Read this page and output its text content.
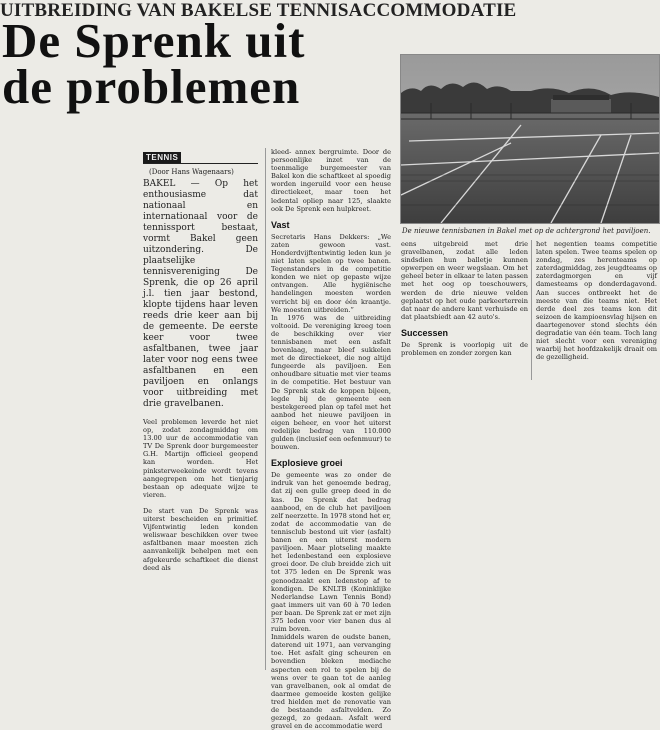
UITBREIDING VAN BAKELSE TENNISACCOMMODATIE
De Sprenk uit
de problemen
De nieuwe tennisbanen in Bakel met op de achtergrond het paviljoen.
TENNIS
(Door Hans Wagenaars)

BAKEL — Op het enthousiasme dat nationaal en internationaal voor de tennissport bestaat, vormt Bakel geen uitzondering. De plaatselijke tennisvereniging De Sprenk, die op 26 april j.l. tien jaar bestond, klopte tijdens haar leven reeds drie keer aan bij de gemeente. De eerste keer voor twee asfaltbanen, twee jaar later voor nog eens twee asfaltbanen en een paviljoen en onlangs voor uitbreiding met drie gravelbanen.

Veel problemen leverde het niet op, zodat zondagmiddag om 13.00 uur de accommodatie van TV De Sprenk door burgemeester G.H. Martijn officieel geopend kan worden. Het pinksterweekeinde wordt tevens aangegrepen om het tienjarig bestaan op adequate wijze te vieren.

De start van De Sprenk was uiterst bescheiden en primitief. Vijfentwintig leden konden weliswaar beschikken over twee asfaltbanen maar moesten zich aanvankelijk behelpen met een afgekeurde schaftkeet die dienst deed als

kleed- annex bergruimte. Door de persoonlijke inzet van de toenmalige burgemeester van Bakel kon die schaftkeet al spoedig worden ingeruild voor een heuse directiekeet, maar toen het ledental opliep naar 125, slaakte ook De Sprenk een hulpkreet.

Vast

Secretaris Hans Dekkers: „We zaten gewoon vast. Honderdvijftentwintig leden kun je niet laten spelen op twee banen. Tegenstanders in de competitie konden we niet op gepaste wijze ontvangen. Alle hygiënische handelingen moesten worden verricht bij en door één kraantje. We moesten uitbreiden.”

In 1976 was de uitbreiding voltooid. De vereniging kreeg toen de beschikking over vier tennisbanen met een asfalt bovenlaag, maar bleef sukkelen met de directiekeet, die nog altijd fungeerde als paviljoen. Een onhoudbare situatie met vier teams in de competitie. Het bestuur van De Sprenk stak de koppen bijeen, legde bij de gemeente een bestekgereed plan op tafel met het aanbod het nieuwe paviljoen in eigen beheer, en voor het uiterst redelijke bedrag van 110.000 gulden (inclusief een oefenmuur) te bouwen.

Explosieve groei

De gemeente was zo onder de indruk van het genoemde bedrag, dat zij een gulle greep deed in de kas. De Sprenk dat bedrag aanbood, en de club het paviljoen zelf neerzette. In 1978 stond het er, zodat de accommodatie van de tennisclub bestond uit vier (asfalt) banen en een uiterst modern paviljoen. Maar plotseling maakte het ledenbestand een explosieve groei door. De club breidde zich uit tot 375 leden en De Sprenk was genoodzaakt een ledenstop af te kondigen. De KNLTB (Koninklijke Nederlandse Lawn Tennis Bond) gaat immers uit van 60 à 70 leden per baan. De Sprenk zat er met zijn 375 leden voor vier banen dus al ruim boven.

Inmiddels waren de oudste banen, daterend uit 1971, aan vervanging toe. Het asfalt ging scheuren en bovendien bleken mediache aspecten een rol te spelen bij de wens over te gaan tot de aanleg van gravelbanen, ook al omdat de daarmee gemoeide kosten gelijke tred hielden met de renovatie van de bestaande asfaltvelden. Zo gezegd, zo gedaan. Asfalt werd gravel en de accommodatie werd

eens uitgebreid met drie gravelbanen, zodat alle leden sindsdien hun balletje kunnen opwerpen en weer wegslaan. Om het geheel beter in elkaar te laten passen met het oog op toeschouwers, werden de drie nieuwe velden geplaatst op het oude parkeerterrein dat naar de andere kant verhuisde en dat plaatsbiedt aan 42 auto's.

Successen

De Sprenk is voorlopig uit de problemen en zonder zorgen kan

het negentien teams competitie laten spelen. Twee teams spelen op zondag, zes herenteams op zaterdagmiddag, zes jeugdteams op zaterdagmorgen en vijf damesteams op donderdagavond. Aan succes ontbreekt het de meeste van die teams niet. Het derde deel zes teams kon dit seizoen de kampioensvlag hijsen en daartegenover stond slechts één degradatie van één team. Toch lang niet slecht voor een vereniging waarbij het hoofdzakelijk draait om de gezelligheid.
